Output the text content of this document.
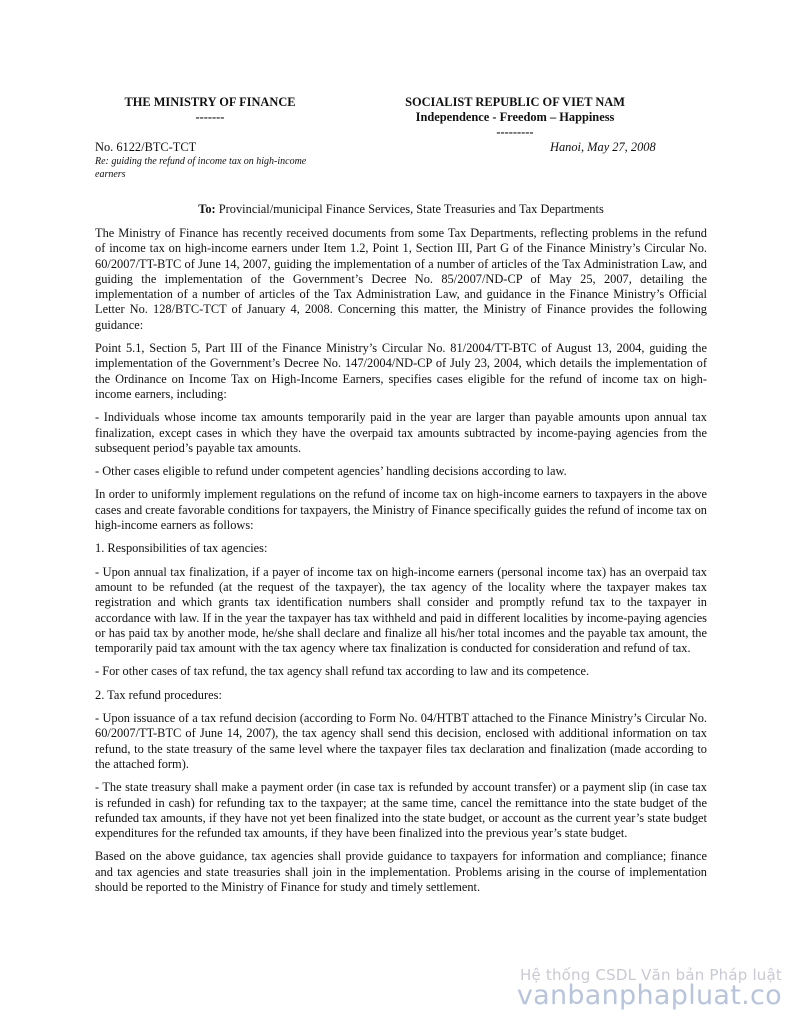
THE MINISTRY OF FINANCE
-------
SOCIALIST REPUBLIC OF VIET NAM
Independence - Freedom – Happiness
---------
No. 6122/BTC-TCT	Hanoi, May 27, 2008
Re: guiding the refund of income tax on high-income earners
To: Provincial/municipal Finance Services, State Treasuries and Tax Departments

The Ministry of Finance has recently received documents from some Tax Departments, reflecting problems in the refund of income tax on high-income earners under Item 1.2, Point 1, Section III, Part G of the Finance Ministry’s Circular No. 60/2007/TT-BTC of June 14, 2007, guiding the implementation of a number of articles of the Tax Administration Law, and guiding the implementation of the Government’s Decree No. 85/2007/ND-CP of May 25, 2007, detailing the implementation of a number of articles of the Tax Administration Law, and guidance in the Finance Ministry’s Official Letter No. 128/BTC-TCT of January 4, 2008. Concerning this matter, the Ministry of Finance provides the following guidance:

Point 5.1, Section 5, Part III of the Finance Ministry’s Circular No. 81/2004/TT-BTC of August 13, 2004, guiding the implementation of the Government’s Decree No. 147/2004/ND-CP of July 23, 2004, which details the implementation of the Ordinance on Income Tax on High-Income Earners, specifies cases eligible for the refund of income tax on high-income earners, including:

- Individuals whose income tax amounts temporarily paid in the year are larger than payable amounts upon annual tax finalization, except cases in which they have the overpaid tax amounts subtracted by income-paying agencies from the subsequent period’s payable tax amounts.

- Other cases eligible to refund under competent agencies’ handling decisions according to law.

In order to uniformly implement regulations on the refund of income tax on high-income earners to taxpayers in the above cases and create favorable conditions for taxpayers, the Ministry of Finance specifically guides the refund of income tax on high-income earners as follows:

1. Responsibilities of tax agencies:

- Upon annual tax finalization, if a payer of income tax on high-income earners (personal income tax) has an overpaid tax amount to be refunded (at the request of the taxpayer), the tax agency of the locality where the taxpayer makes tax registration and which grants tax identification numbers shall consider and promptly refund tax to the taxpayer in accordance with law. If in the year the taxpayer has tax withheld and paid in different localities by income-paying agencies or has paid tax by another mode, he/she shall declare and finalize all his/her total incomes and the payable tax amount, the temporarily paid tax amount with the tax agency where tax finalization is conducted for consideration and refund of tax.

- For other cases of tax refund, the tax agency shall refund tax according to law and its competence.

2. Tax refund procedures:

- Upon issuance of a tax refund decision (according to Form No. 04/HTBT attached to the Finance Ministry’s Circular No. 60/2007/TT-BTC of June 14, 2007), the tax agency shall send this decision, enclosed with additional information on tax refund, to the state treasury of the same level where the taxpayer files tax declaration and finalization (made according to the attached form).

- The state treasury shall make a payment order (in case tax is refunded by account transfer) or a payment slip (in case tax is refunded in cash) for refunding tax to the taxpayer; at the same time, cancel the remittance into the state budget of the refunded tax amounts, if they have not yet been finalized into the state budget, or account as the current year’s state budget expenditures for the refunded tax amounts, if they have been finalized into the previous year’s state budget.

Based on the above guidance, tax agencies shall provide guidance to taxpayers for information and compliance; finance and tax agencies and state treasuries shall join in the implementation. Problems arising in the course of implementation should be reported to the Ministry of Finance for study and timely settlement.

Hệ thống CSDL Văn bản Pháp luật
vanbanphapluat.co
